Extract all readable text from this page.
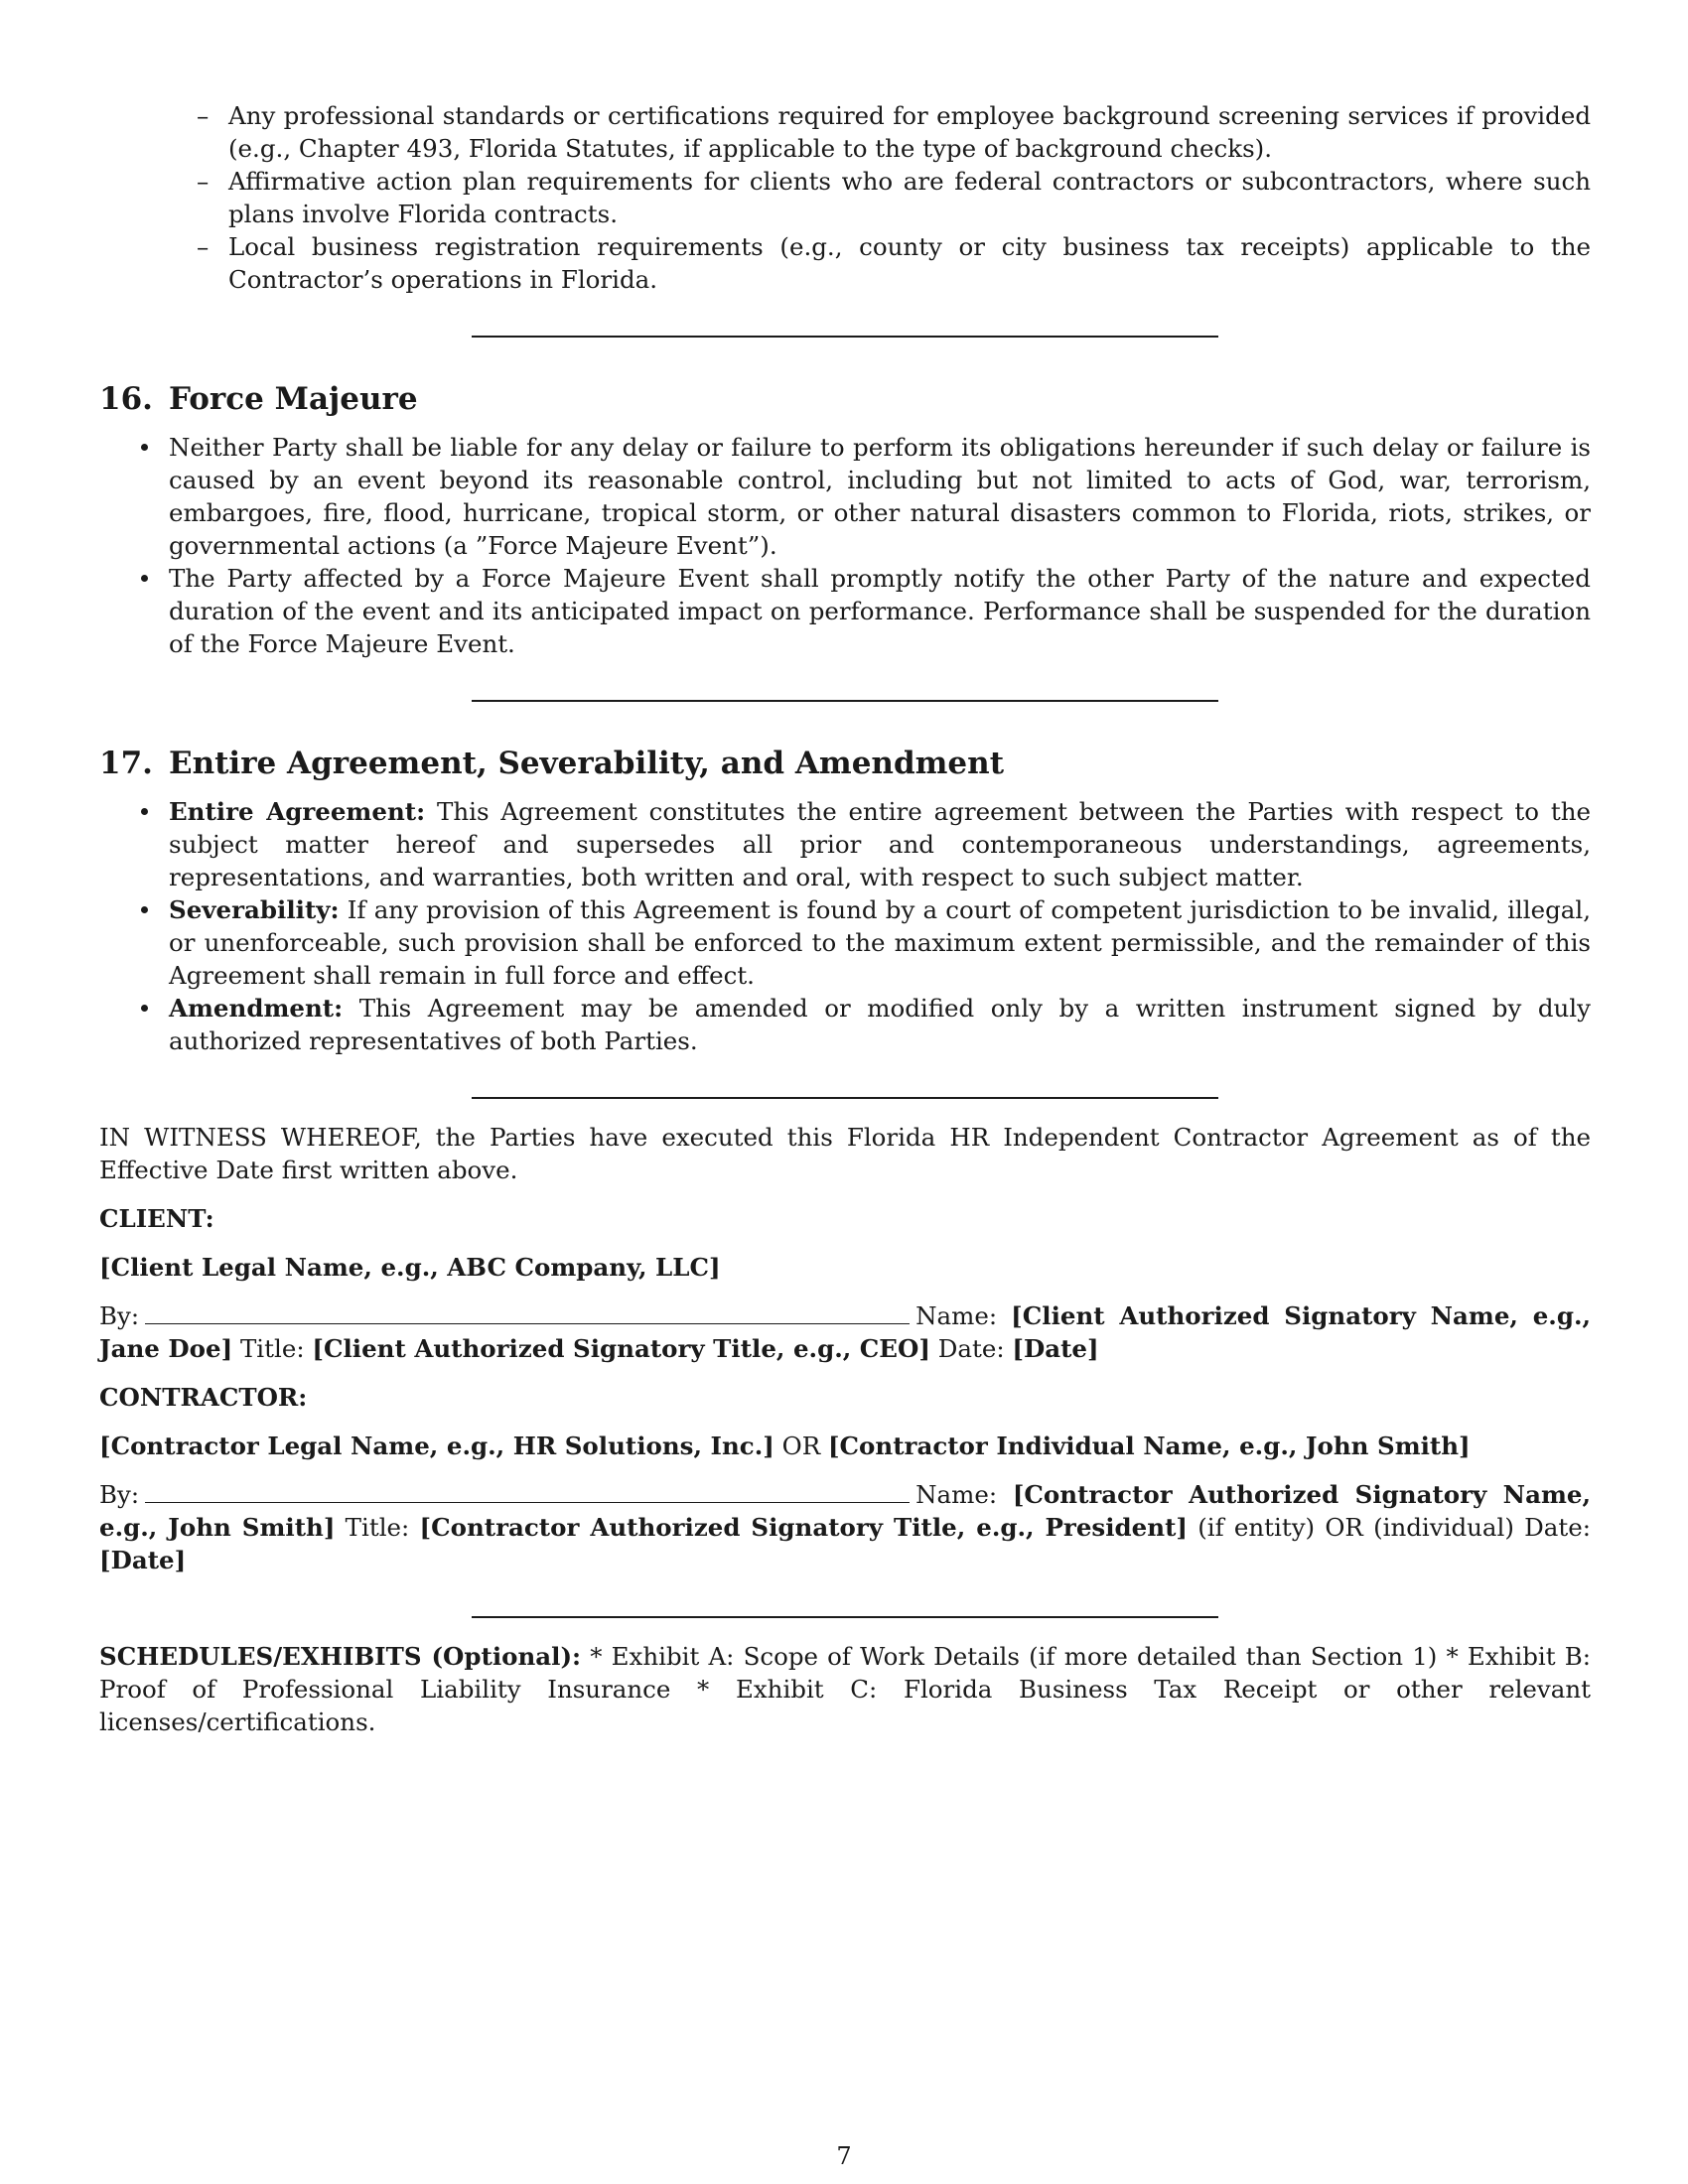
– Any professional standards or certifications required for employee background screening services if provided (e.g., Chapter 493, Florida Statutes, if applicable to the type of background checks).
– Affirmative action plan requirements for clients who are federal contractors or subcontractors, where such plans involve Florida contracts.
– Local business registration requirements (e.g., county or city business tax receipts) applicable to the Contractor’s operations in Florida.
16. Force Majeure
Neither Party shall be liable for any delay or failure to perform its obligations hereunder if such delay or failure is caused by an event beyond its reasonable control, including but not limited to acts of God, war, terrorism, embargoes, fire, flood, hurricane, tropical storm, or other natural disasters common to Florida, riots, strikes, or governmental actions (a ”Force Majeure Event”).
The Party affected by a Force Majeure Event shall promptly notify the other Party of the nature and expected duration of the event and its anticipated impact on performance. Performance shall be suspended for the duration of the Force Majeure Event.
17. Entire Agreement, Severability, and Amendment
Entire Agreement: This Agreement constitutes the entire agreement between the Parties with respect to the subject matter hereof and supersedes all prior and contemporaneous understandings, agreements, representations, and warranties, both written and oral, with respect to such subject matter.
Severability: If any provision of this Agreement is found by a court of competent jurisdiction to be invalid, illegal, or unenforceable, such provision shall be enforced to the maximum extent permissible, and the remainder of this Agreement shall remain in full force and effect.
Amendment: This Agreement may be amended or modified only by a written instrument signed by duly authorized representatives of both Parties.

IN WITNESS WHEREOF, the Parties have executed this Florida HR Independent Contractor Agreement as of the Effective Date first written above.

CLIENT:

[Client Legal Name, e.g., ABC Company, LLC]

By:	Name: [Client Authorized Signatory Name, e.g., Jane Doe] Title: [Client Authorized Signatory Title, e.g., CEO] Date: [Date]

CONTRACTOR:

[Contractor Legal Name, e.g., HR Solutions, Inc.] OR [Contractor Individual Name, e.g., John Smith]

By:	Name: [Contractor Authorized Signatory Name, e.g., John Smith] Title: [Contractor Authorized Signatory Title, e.g., President] (if entity) OR (individual) Date: [Date]

SCHEDULES/EXHIBITS (Optional): * Exhibit A: Scope of Work Details (if more detailed than Section 1) * Exhibit B: Proof of Professional Liability Insurance * Exhibit C: Florida Business Tax Receipt or other relevant licenses/certifications.

7
